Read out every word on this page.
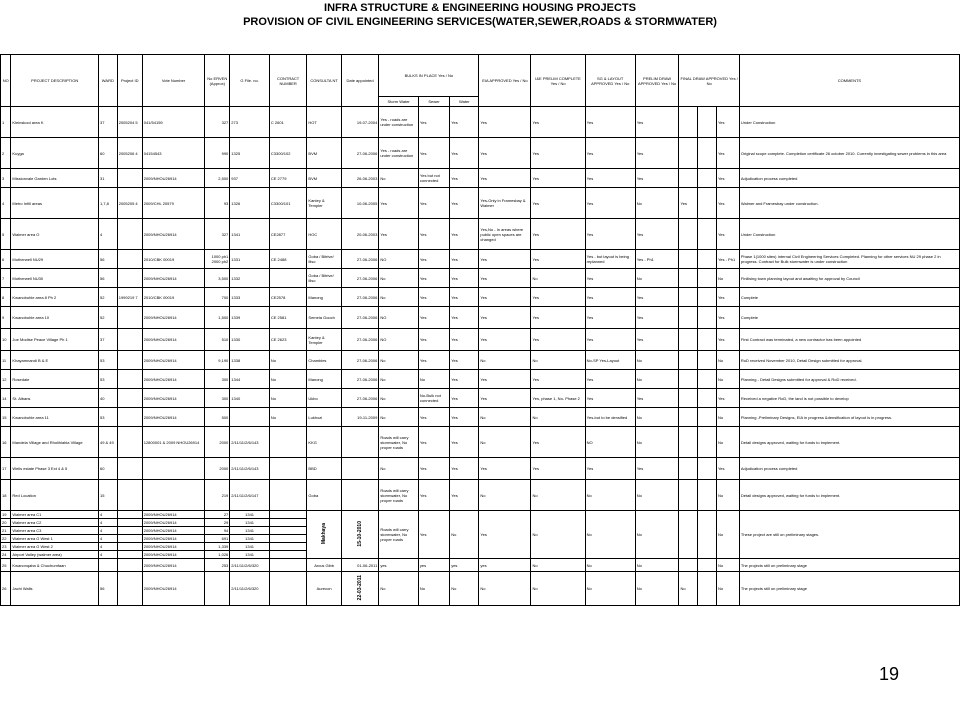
INFRA STRUCTURE & ENGINEERING HOUSING PROJECTS
PROVISION OF CIVIL ENGINEERING SERVICES(WATER,SEWER,ROADS & STORMWATER)
NO	PROJECT DESCRIPTION	WARD	Project ID	Vote Number	No ERVEN (Approx)	G File. no.	CONTRACT NUMBER	CONSULTA NT	Date appointed	BULKS IN PLACE Yes / No			EIA APPROVED Yes / No	I&E PRELIM COMPLETE Yes / No	SG & LAYOUT APPROVED Yes / No	PRELIM DRAW APPROVED Yes / No	FINAL DRAW APPROVED Yes / No			COMMENTS
										Storm Water	Sewer	Water								
1	Kleinskool area K	37	2005204 5	041/54159	327	273	C 2601	HOT	19-07-2004	Yes - roads are under construction	Yes	Yes	Yes	Yes	Yes	Yes			Yes	Under Construction
2	Kuyga	60	2005206 4	04154543	990	1325	C3300/102	BVM	27-06-2006	Yes - roads are under construction	Yes	Yes	Yes	Yes	Yes	Yes			Yes	Original scope complete. Completion certificate 26 october 2010. Currently investigating sewer problems in this area
3	Missionvale Garden Lots	31		2009/NHOU26914	2,500	937	CE 2779	BVM	26-06-2003	No	Yes but not connected	Yes	Yes	Yes	Yes	Yes			Yes	Adjudication process completed
4	Metro Infill areas	1,7,8	2005205 4	2009/CHL 20579	93	1326	C3300/101	Kantey & Templer	10-06-2005	Yes	Yes	Yes	Yes-Only in Framesbay & Walmer	Yes	Yes	No	Yes		Yes	Walmer and Framesbay under construction.
5	Walmer area O	4		2009/NHOU26914	327	1341	CE2877	HOC	20-06-2003	Yes	Yes	Yes	Yes,No - In areas where public open spaces are changed	Yes	Yes	Yes			Yes	Under Construction
6	Motherwell NU29	56		2010/CBK 00019	1000 ph1 2000 ph2	1331	CE 2488	Goba / Bitrive/ Illso	27-06-2006	NO	Yes	Yes	Yes	Yes	Yes - but layout is being replanned	Yes - Ph1			Yes - Ph1	Phase 1(1000 sites) Internal Civil Engineering Services Completed. Planning for other services NU 29 phase 2 in progress. Contract for Bulk stormwater is under construction
7	Motherwell NU30	56		2009/NHOU26914	3,500	1332		Goba / Bitrive/ Illso	27-06-2006	No	Yes	Yes	Yes	No	Yes	No			No	Finilising town planning layout and awaiting for approval by Council
8	Kwanobuhle area 8 Ph 2	52	1999219 7	2010/CBK 00019	700	1333	CE2578	Manong	27-06-2006	No	Yes	Yes	Yes	Yes	Yes	Yes			Yes	Complete
9	Kwanobuhle area 10	52		2009/NHOU26914	1,500	1339	CE 2581	Semela Gooch	27-06-2006	NO	Yes	Yes	Yes	Yes	Yes	Yes			Yes	Complete
10	Joe Modise Peace Village Ph 1	37		2009/NHOU26914	510	1330	CE 2623	Kantey & Templer	27-06-2006	NO	Yes	Yes	Yes	Yes	Yes	Yes			Yes	First Contract was terminated, a new contractor has been appointed
11	Khayamnandi B & E	53		2009/NHOU26914	9,190	1338	No	Chambles	27-06-2006	No	Yes	Yes	No	No	No-SP Yes-Layout	No			No	RoD received November 2010, Detail Design submitted for approval.
12	Rosedale	53		2009/NHOU26914	300	1344	No	Manong	27-06-2006	No	No	Yes	Yes	Yes	Yes	No			No	Planning - Detail Designs submitted for approval & RoD received.
14	St. Albans	40		2009/NHOU26914	300	1340	No	Ukbo	27-06-2006	No	No-Bulk not connected	Yes	Yes	Yes, phase 1, No- Phase 2	Yes	Yes			Yes	Received a negative RoD, the land is not possible to develop
15	Kwanobuhle area 11	53		2009/NHOU26914	500		No	Lukhozi	19-11-2009	No	Yes	Yes	No	No	Yes-but to be densified	No			No	Planning -Preliminary Designs, EIA in progress &densification of layout is in progress.
16	Mandela Village and Rholihlahla Village	49 & 49		12800001 & 2009 NHOU26914	2000	2/11/11/2/6/143		KKG		Roads will carry stormwater, No proper roads	Yes	Yes	No	Yes	NO	No			No	Detail designs approved, waiting for funds to implement.
17	Wells estate Phase 3 Ext 4 & 5	60			2000	2/11/11/2/6/143		BBD		No	Yes	Yes	Yes	Yes	Yes	Yes			Yes	Adjudication process completed
18	Red Location	15			219	2/11/11/2/6/147		Goba		Roads will carry stormwater, No proper roads	Yes	Yes	No	No	No	No			No	Detail designs approved, waiting for funds to implement.
19	Walmer area C1	4		2009/NHOU26914	27	1341		Makhaya	15-10-2010	Roads will carry stormwater, No proper roads	Yes	No	Yes	No	No	No			No	These project are still on preliminary stages.
20	Walmer area C2	4		2009/NHOU26914	29	1341														
21	Walmer area C3	4		2009/NHOU26914	94	1341														
22	Walmer area G West 1	4		2009/NHOU26914	691	1341														
23	Walmer area G West 2	4		2009/NHOU26914	1,339	1341														
24	Airport Valley (walmer area)	4		2009/NHOU26914	1,026	1341														
25	Kwanonqaba & Chuchumfaan			2009/NHOU26914	253	2/11/11/2/6/320		Arcus Gibb	01-06-2011	yes	yes	yes	yes	No	No	No			No	The projects still on preliminary stage
26	Jachi Walls	56		2009/NHOU26914		2/11/11/2/6/320		Aurecon	22-03-2011	No	No	No	No	No	No	No	No		No	The projects still on preliminary stage
19
